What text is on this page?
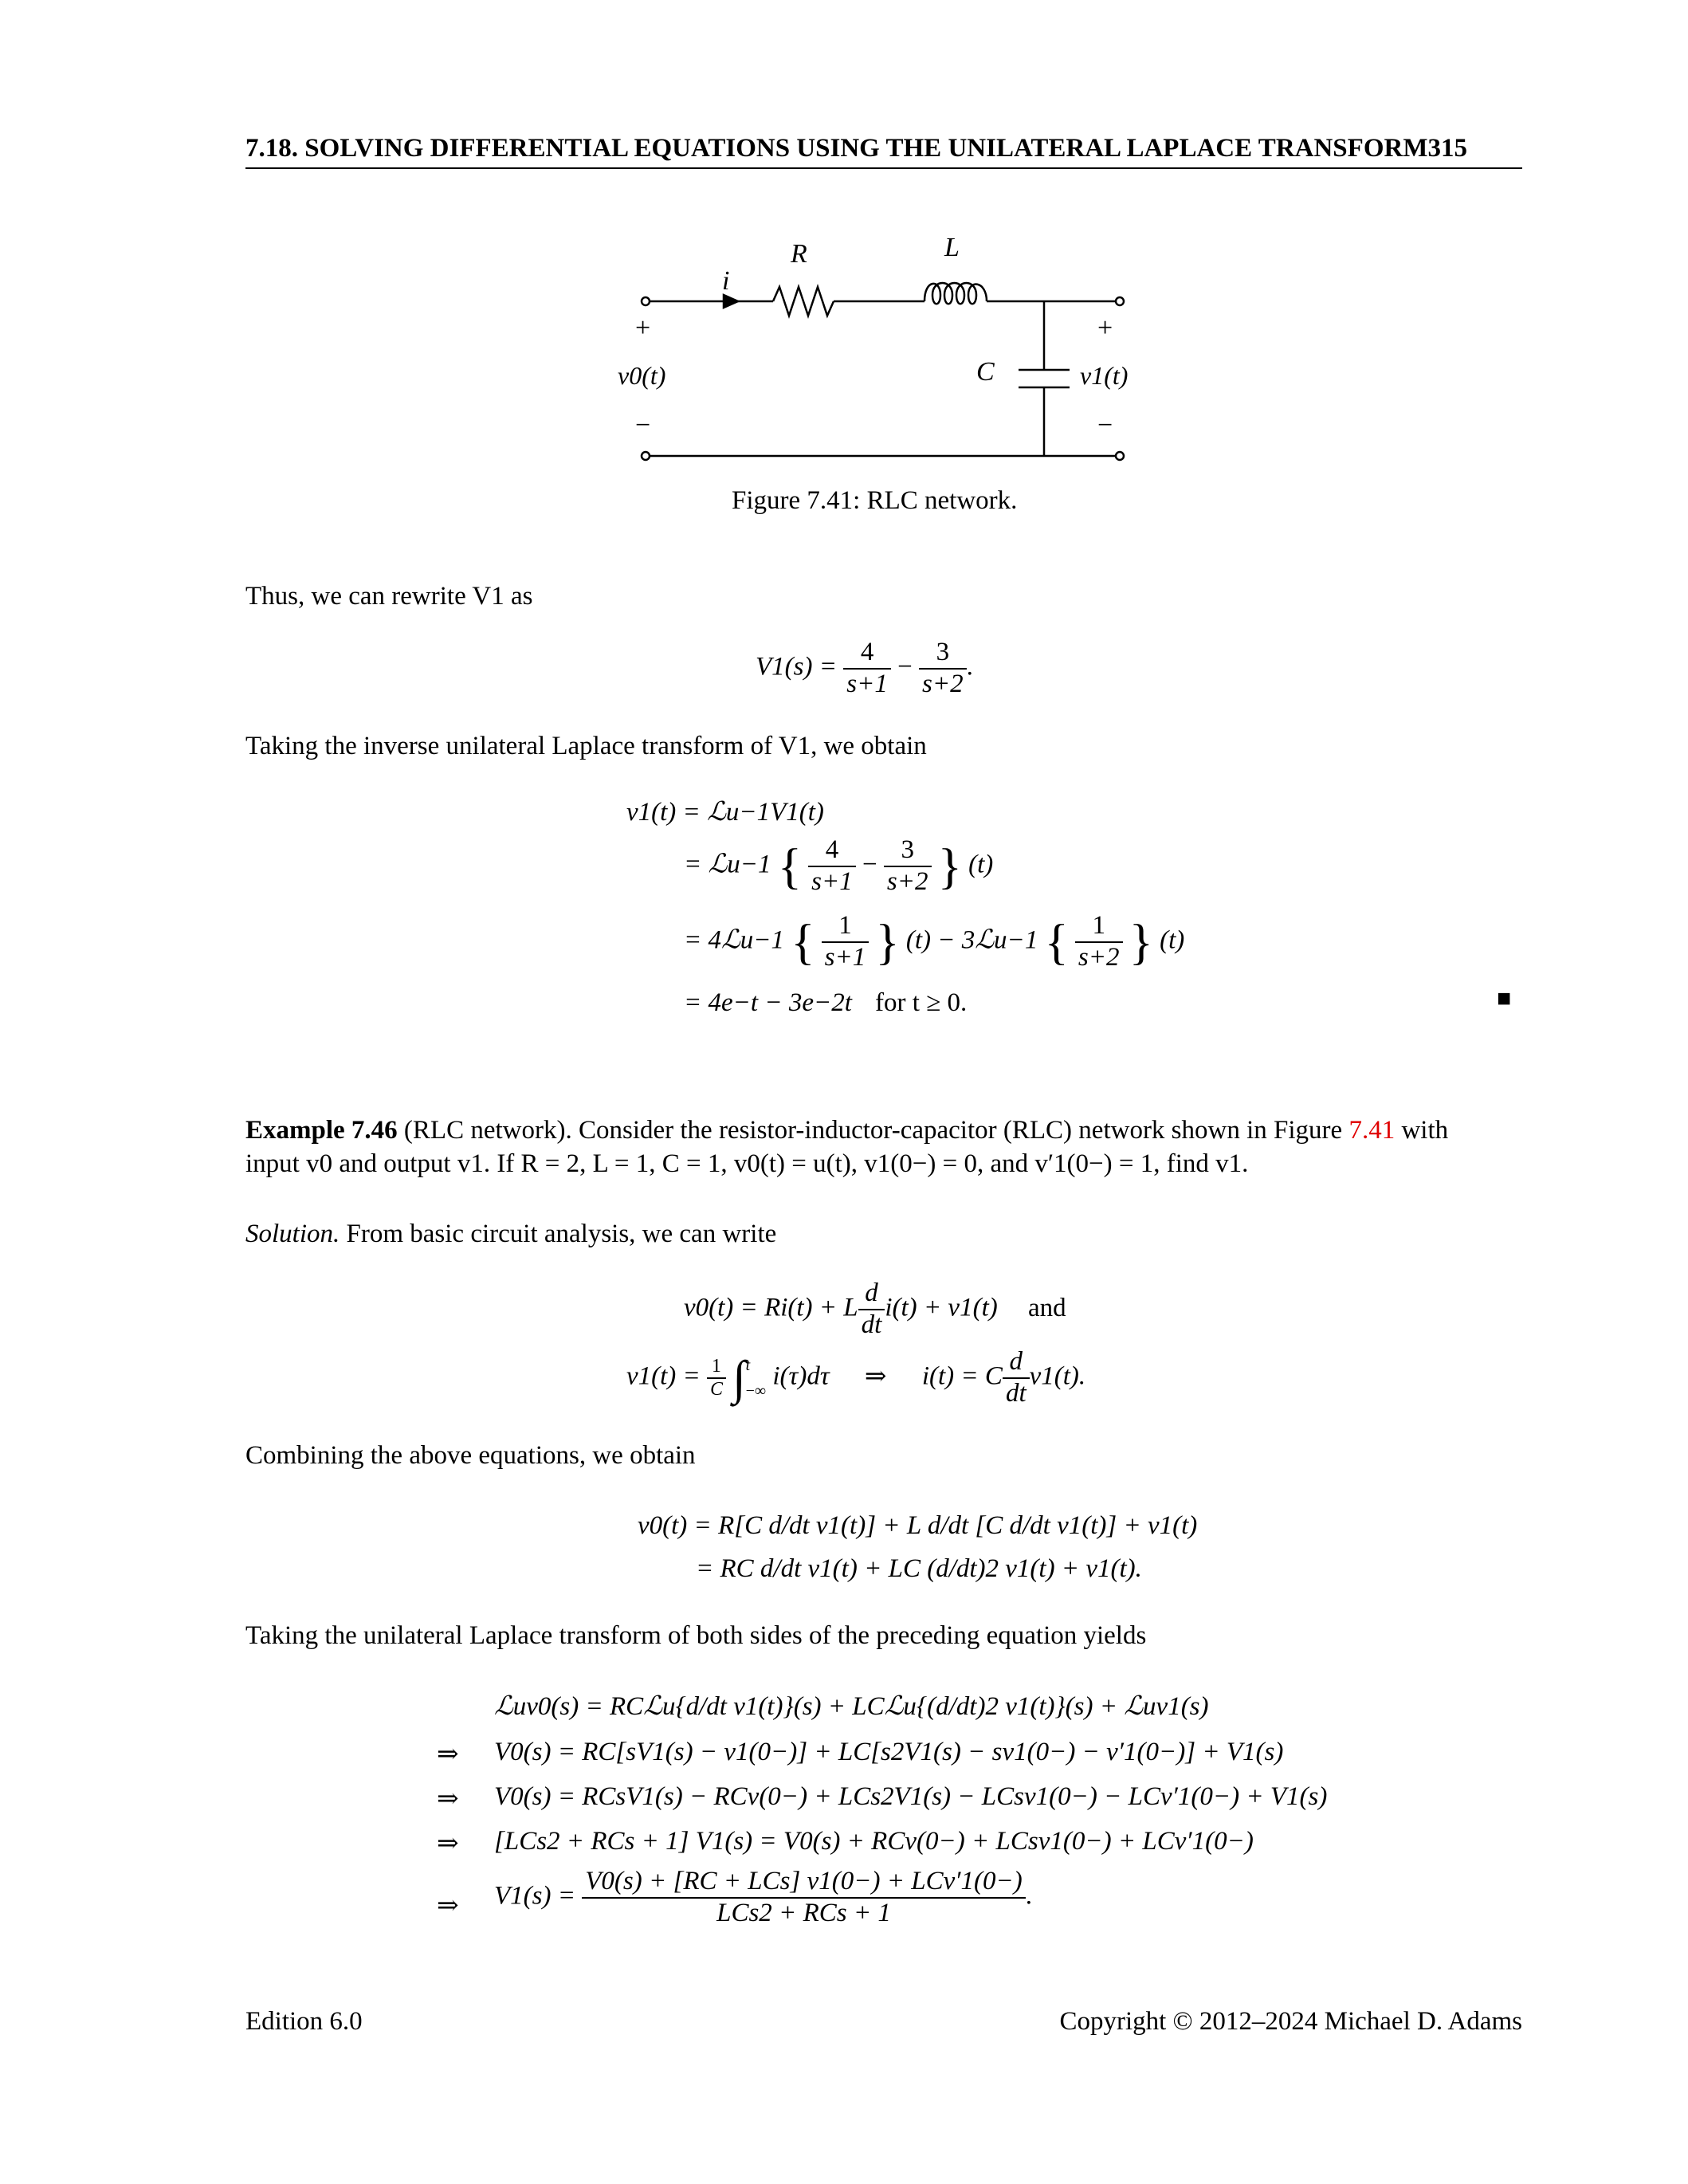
7.18. SOLVING DIFFERENTIAL EQUATIONS USING THE UNILATERAL LAPLACE TRANSFORM315
R	L
i
C
+
−
+
−
v0(t)	v1(t)
Figure 7.41: RLC network.
Thus, we can rewrite V1 as
$V1(s) = \frac{4}{s+1} - \frac{3}{s+2}$ .
Taking the inverse unilateral Laplace transform of V1, we obtain
v1(t) = ℒu−1V1(t)
= ℒu−1 { $\frac{4}{s+1} - \frac{3}{s+2}$ } (t)
= 4ℒu−1 { $\frac{1}{s+1}$ } (t) − 3ℒu−1 { $\frac{1}{s+2}$ } (t)
= 4e−t − 3e−2t for t ≥ 0.	■
Example 7.46 (RLC network). Consider the resistor-inductor-capacitor (RLC) network shown in Figure 7.41 with
input v0 and output v1. If R = 2, L = 1, C = 1, v0(t) = u(t), v1(0−) = 0, and v′1(0−) = 1, find v1.
Solution. From basic circuit analysis, we can write
v0(t) = Ri(t) + L $\frac{d}{dt} i(t) + v1(t)$ and
$v1(t) = \frac{1}{C}$ ∫ t
−∞
i(τ)dτ ⇒ i(t) = C $\frac{d}{dt} v1(t)$.
Combining the above equations, we obtain
v0(t) = R[C d/dt v1(t)] + L d/dt [C d/dt v1(t)] + v1(t)
= RC d/dt v1(t) + LC (d/dt)2 v1(t) + v1(t).
Taking the unilateral Laplace transform of both sides of the preceding equation yields
ℒuv0(s) = RCℒu{d/dt v1(t)}(s) + LCℒu{(d/dt)2 v1(t)}(s) + ℒuv1(s)
⇒ V0(s) = RC[sV1(s) − v1(0−)] + LC[s2V1(s) − sv1(0−) − v′1(0−)] + V1(s)
⇒ V0(s) = RCsV1(s) − RCv(0−) + LCs2V1(s) − LCsv1(0−) − LCv′1(0−) + V1(s)
⇒ [LCs2 + RCs + 1] V1(s) = V0(s) + RCv(0−) + LCsv1(0−) + LCv′1(0−)
⇒ $V1(s) = \frac{\text{V0(s) + [RC + LCs] v1(0−) + LCv′1(0−)}}{\text{LCs2 + RCs + 1}}$ .
Edition 6.0	Copyright © 2012–2024 Michael D. Adams
